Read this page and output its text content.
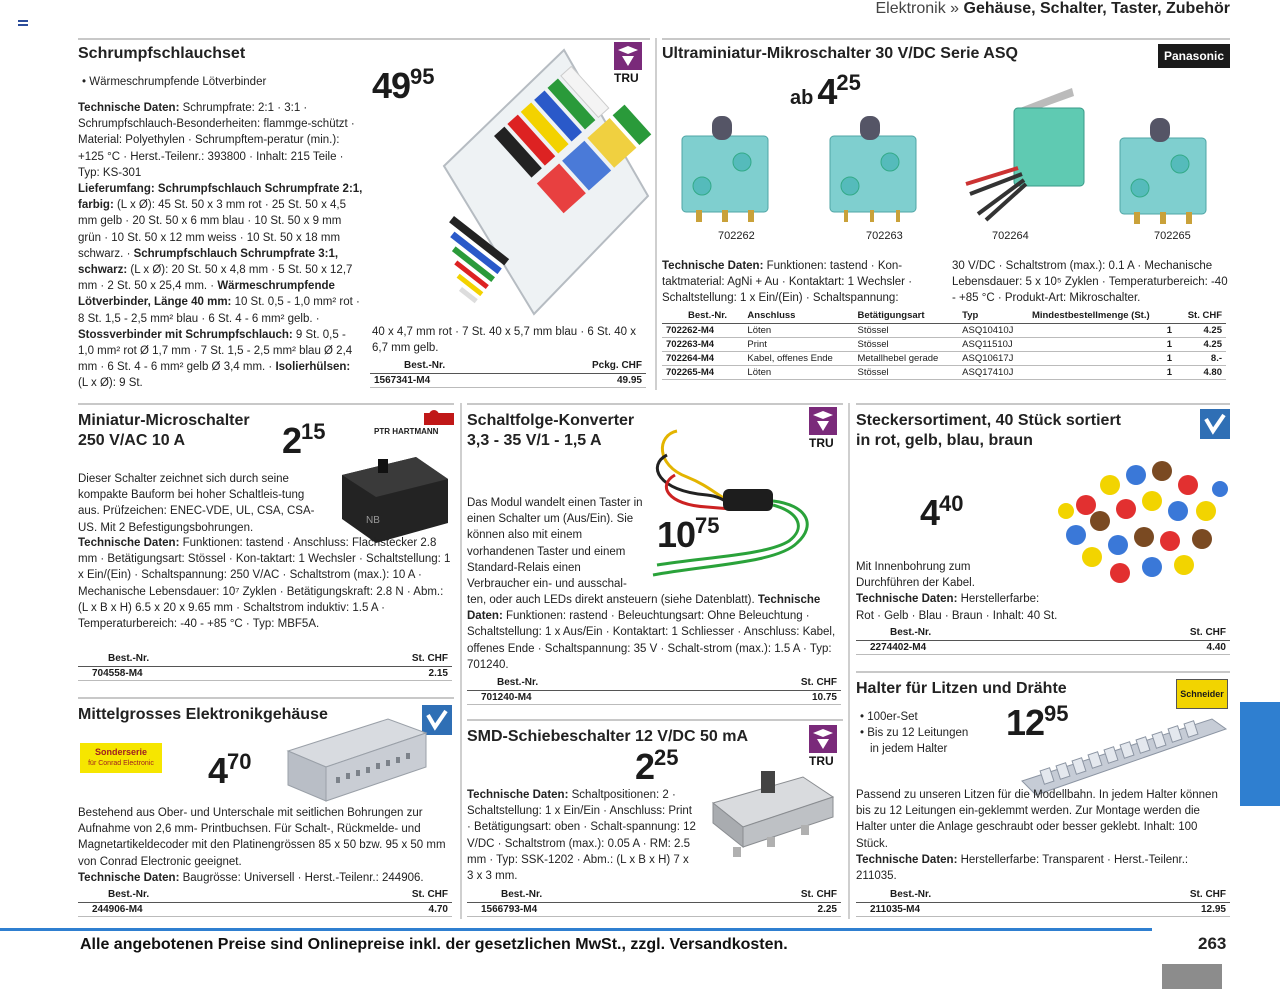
Elektronik » Gehäuse, Schalter, Taster, Zubehör
Schrumpfschlauchset
• Wärmeschrumpfende Lötverbinder
Technische Daten: Schrumpfrate: 2:1 · 3:1 · Schrumpfschlauch-Besonderheiten: flammge-schützt · Material: Polyethylen · Schrumpftem-peratur (min.): +125 °C · Herst.-Teilenr.: 393800 · Inhalt: 215 Teile · Typ: KS-301
Lieferumfang: Schrumpfschlauch Schrumpfrate 2:1, farbig: (L x Ø): 45 St. 50 x 3 mm rot · 25 St. 50 x 4,5 mm gelb · 20 St. 50 x 6 mm blau · 10 St. 50 x 9 mm grün · 10 St. 50 x 12 mm weiss · 10 St. 50 x 18 mm schwarz. · Schrumpfschlauch Schrumpfrate 3:1, schwarz: (L x Ø): 20 St. 50 x 4,8 mm · 5 St. 50 x 12,7 mm · 2 St. 50 x 25,4 mm. · Wärmeschrumpfende Lötverbinder, Länge 40 mm: 10 St. 0,5 - 1,0 mm² rot · 8 St. 1,5 - 2,5 mm² blau · 6 St. 4 - 6 mm² gelb. · Stossverbinder mit Schrumpfschlauch: 9 St. 0,5 - 1,0 mm² rot Ø 1,7 mm · 7 St. 1,5 - 2,5 mm² blau Ø 2,4 mm · 6 St. 4 - 6 mm² gelb Ø 3,4 mm. · Isolierhülsen: (L x Ø): 9 St.
4995	TRU
40 x 4,7 mm rot · 7 St. 40 x 5,7 mm blau · 6 St. 40 x 6,7 mm gelb.
Best.-Nr.	Pckg. CHF
1567341-M4	49.95
Ultraminiatur-Mikroschalter 30 V/DC Serie ASQ	Panasonic
ab 425
702262	702263	702264	702265
Technische Daten: Funktionen: tastend · Kon-taktmaterial: AgNi + Au · Kontaktart: 1 Wechsler · Schaltstellung: 1 x Ein/(Ein) · Schaltspannung:
30 V/DC · Schaltstrom (max.): 0.1 A · Mechanische Lebensdauer: 5 x 10⁵ Zyklen · Temperaturbereich: -40 - +85 °C · Produkt-Art: Mikroschalter.
Best.-Nr.	Anschluss	Betätigungsart	Typ	Mindestbestellmenge (St.)	St. CHF
702262-M4	Löten	Stössel	ASQ10410J	1	4.25
702263-M4	Print	Stössel	ASQ11510J	1	4.25
702264-M4	Kabel, offenes Ende	Metallhebel gerade	ASQ10617J	1	8.-
702265-M4	Löten	Stössel	ASQ17410J	1	4.80
Miniatur-Microschalter
250 V/AC 10 A	215	PTR HARTMANN
NB
Dieser Schalter zeichnet sich durch seine kompakte Bauform bei hoher Schaltleis-tung aus. Prüfzeichen: ENEC-VDE, UL, CSA, CSA-US. Mit 2 Befestigungsbohrungen.
Technische Daten: Funktionen: tastend · Anschluss: Flachstecker 2.8 mm · Betätigungsart: Stössel · Kon-taktart: 1 Wechsler · Schaltstellung: 1 x Ein/(Ein) · Schaltspannung: 250 V/AC · Schaltstrom (max.): 10 A · Mechanische Lebensdauer: 10⁷ Zyklen · Betätigungskraft: 2.8 N · Abm.: (L x B x H) 6.5 x 20 x 9.65 mm · Schaltstrom induktiv: 1.5 A · Temperaturbereich: -40 - +85 °C · Typ: MBF5A.
Best.-Nr.	St. CHF
704558-M4	2.15
Schaltfolge-Konverter
3,3 - 35 V/1 - 1,5 A	TRU
1075
Das Modul wandelt einen Taster in einen Schalter um (Aus/Ein). Sie können also mit einem vorhandenen Taster und einem Standard-Relais einen Verbraucher ein- und ausschal-
ten, oder auch LEDs direkt ansteuern (siehe Datenblatt). Technische Daten: Funktionen: rastend · Beleuchtungsart: Ohne Beleuchtung · Schaltstellung: 1 x Aus/Ein · Kontaktart: 1 Schliesser · Anschluss: Kabel, offenes Ende · Schaltspannung: 35 V · Schalt-strom (max.): 1.5 A · Typ: 701240.
Best.-Nr.	St. CHF
701240-M4	10.75
Steckersortiment, 40 Stück sortiert
in rot, gelb, blau, braun
440
Mit Innenbohrung zum
Durchführen der Kabel.
Technische Daten: Herstellerfarbe:
Rot · Gelb · Blau · Braun · Inhalt: 40 St.
Best.-Nr.	St. CHF
2274402-M4	4.40
Mittelgrosses Elektronikgehäuse
Sonderserie
für Conrad Electronic 470
Bestehend aus Ober- und Unterschale mit seitlichen Bohrungen zur Aufnahme von 2,6 mm- Printbuchsen. Für Schalt-, Rückmelde- und Magnetartikeldecoder mit den Platinengrössen 85 x 50 bzw. 95 x 50 mm von Conrad Electronic geeignet.
Technische Daten: Baugrösse: Universell · Herst.-Teilenr.: 244906.
Best.-Nr.	St. CHF
244906-M4	4.70
SMD-Schiebeschalter 12 V/DC 50 mA
TRU
225
Technische Daten: Schaltpositionen: 2 · Schaltstellung: 1 x Ein/Ein · Anschluss: Print · Betätigungsart: oben · Schalt-spannung: 12 V/DC · Schaltstrom (max.): 0.05 A · RM: 2.5 mm · Typ: SSK-1202 · Abm.: (L x B x H) 7 x 3 x 3 mm.
Best.-Nr.	St. CHF
1566793-M4	2.25
Halter für Litzen und Drähte	Schneider
• 100er-Set
• Bis zu 12 Leitungen
in jedem Halter
1295
Passend zu unseren Litzen für die Modellbahn. In jedem Halter können bis zu 12 Leitungen ein-geklemmt werden. Zur Montage werden die Halter unter die Anlage geschraubt oder besser geklebt. Inhalt: 100 Stück.
Technische Daten: Herstellerfarbe: Transparent · Herst.-Teilenr.: 211035.
Best.-Nr.	St. CHF
211035-M4	12.95
Alle angebotenen Preise sind Onlinepreise inkl. der gesetzlichen MwSt., zzgl. Versandkosten.	263
